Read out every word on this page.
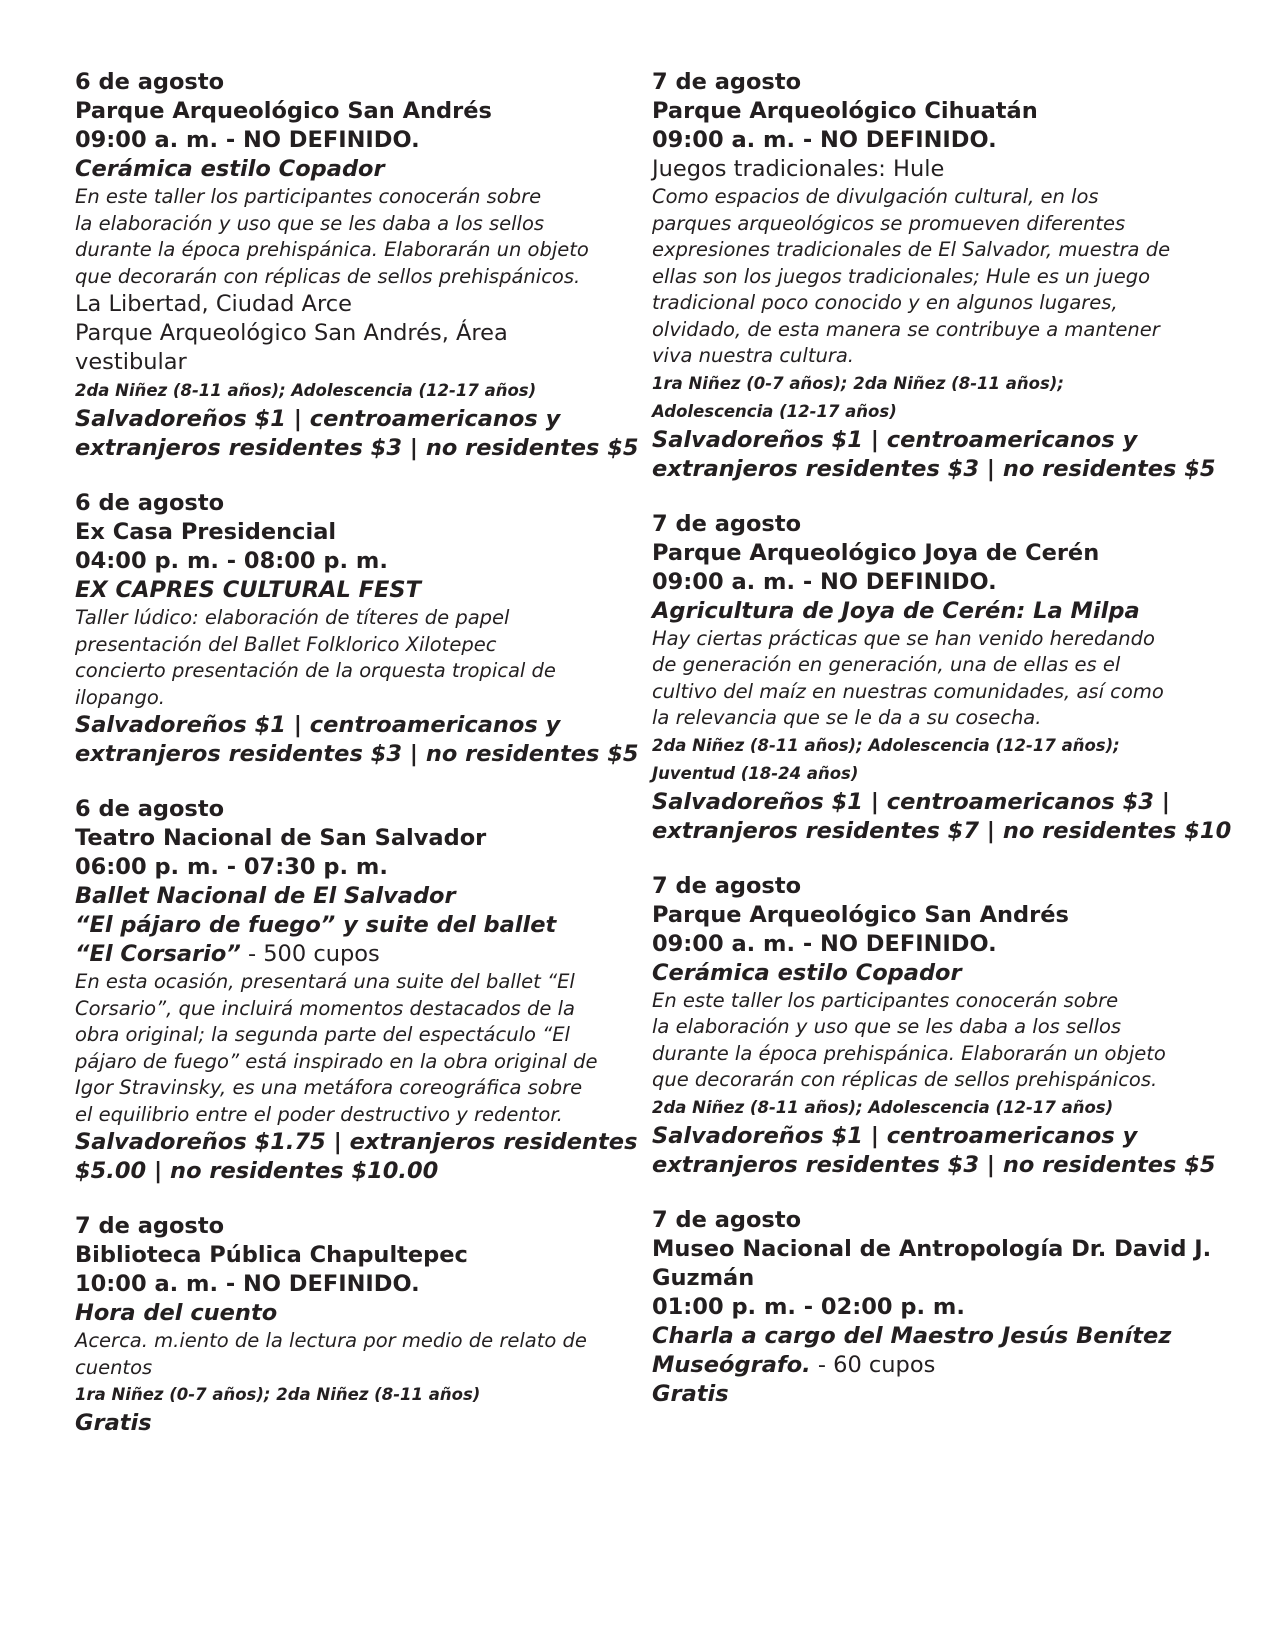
6 de agosto
Parque Arqueológico San Andrés
09:00 a. m. - NO DEFINIDO.
Cerámica estilo Copador
En este taller los participantes conocerán sobre
la elaboración y uso que se les daba a los sellos
durante la época prehispánica. Elaborarán un objeto
que decorarán con réplicas de sellos prehispánicos.
La Libertad, Ciudad Arce
Parque Arqueológico San Andrés, Área
vestibular
2da Niñez (8-11 años); Adolescencia (12-17 años)
Salvadoreños $1 | centroamericanos y
extranjeros residentes $3 | no residentes $5
6 de agosto
Ex Casa Presidencial
04:00 p. m. - 08:00 p. m.
EX CAPRES CULTURAL FEST
Taller lúdico: elaboración de títeres de papel
presentación del Ballet Folklorico Xilotepec
concierto presentación de la orquesta tropical de
ilopango.
Salvadoreños $1 | centroamericanos y
extranjeros residentes $3 | no residentes $5
6 de agosto
Teatro Nacional de San Salvador
06:00 p. m. - 07:30 p. m.
Ballet Nacional de El Salvador
“El pájaro de fuego” y suite del ballet
“El Corsario” - 500 cupos
En esta ocasión, presentará una suite del ballet “El
Corsario”, que incluirá momentos destacados de la
obra original; la segunda parte del espectáculo “El
pájaro de fuego” está inspirado en la obra original de
Igor Stravinsky, es una metáfora coreográfica sobre
el equilibrio entre el poder destructivo y redentor.
Salvadoreños $1.75 | extranjeros residentes
$5.00 | no residentes $10.00
7 de agosto
Biblioteca Pública Chapultepec
10:00 a. m. - NO DEFINIDO.
Hora del cuento
Acerca. m.iento de la lectura por medio de relato de
cuentos
1ra Niñez (0-7 años); 2da Niñez (8-11 años)
Gratis
7 de agosto
Parque Arqueológico Cihuatán
09:00 a. m. - NO DEFINIDO.
Juegos tradicionales: Hule
Como espacios de divulgación cultural, en los
parques arqueológicos se promueven diferentes
expresiones tradicionales de El Salvador, muestra de
ellas son los juegos tradicionales; Hule es un juego
tradicional poco conocido y en algunos lugares,
olvidado, de esta manera se contribuye a mantener
viva nuestra cultura.
1ra Niñez (0-7 años); 2da Niñez (8-11 años);
Adolescencia (12-17 años)
Salvadoreños $1 | centroamericanos y
extranjeros residentes $3 | no residentes $5
7 de agosto
Parque Arqueológico Joya de Cerén
09:00 a. m. - NO DEFINIDO.
Agricultura de Joya de Cerén: La Milpa
Hay ciertas prácticas que se han venido heredando
de generación en generación, una de ellas es el
cultivo del maíz en nuestras comunidades, así como
la relevancia que se le da a su cosecha.
2da Niñez (8-11 años); Adolescencia (12-17 años);
Juventud (18-24 años)
Salvadoreños $1 | centroamericanos $3 |
extranjeros residentes $7 | no residentes $10
7 de agosto
Parque Arqueológico San Andrés
09:00 a. m. - NO DEFINIDO.
Cerámica estilo Copador
En este taller los participantes conocerán sobre
la elaboración y uso que se les daba a los sellos
durante la época prehispánica. Elaborarán un objeto
que decorarán con réplicas de sellos prehispánicos.
2da Niñez (8-11 años); Adolescencia (12-17 años)
Salvadoreños $1 | centroamericanos y
extranjeros residentes $3 | no residentes $5
7 de agosto
Museo Nacional de Antropología Dr. David J.
Guzmán
01:00 p. m. - 02:00 p. m.
Charla a cargo del Maestro Jesús Benítez
Museógrafo. - 60 cupos
Gratis
